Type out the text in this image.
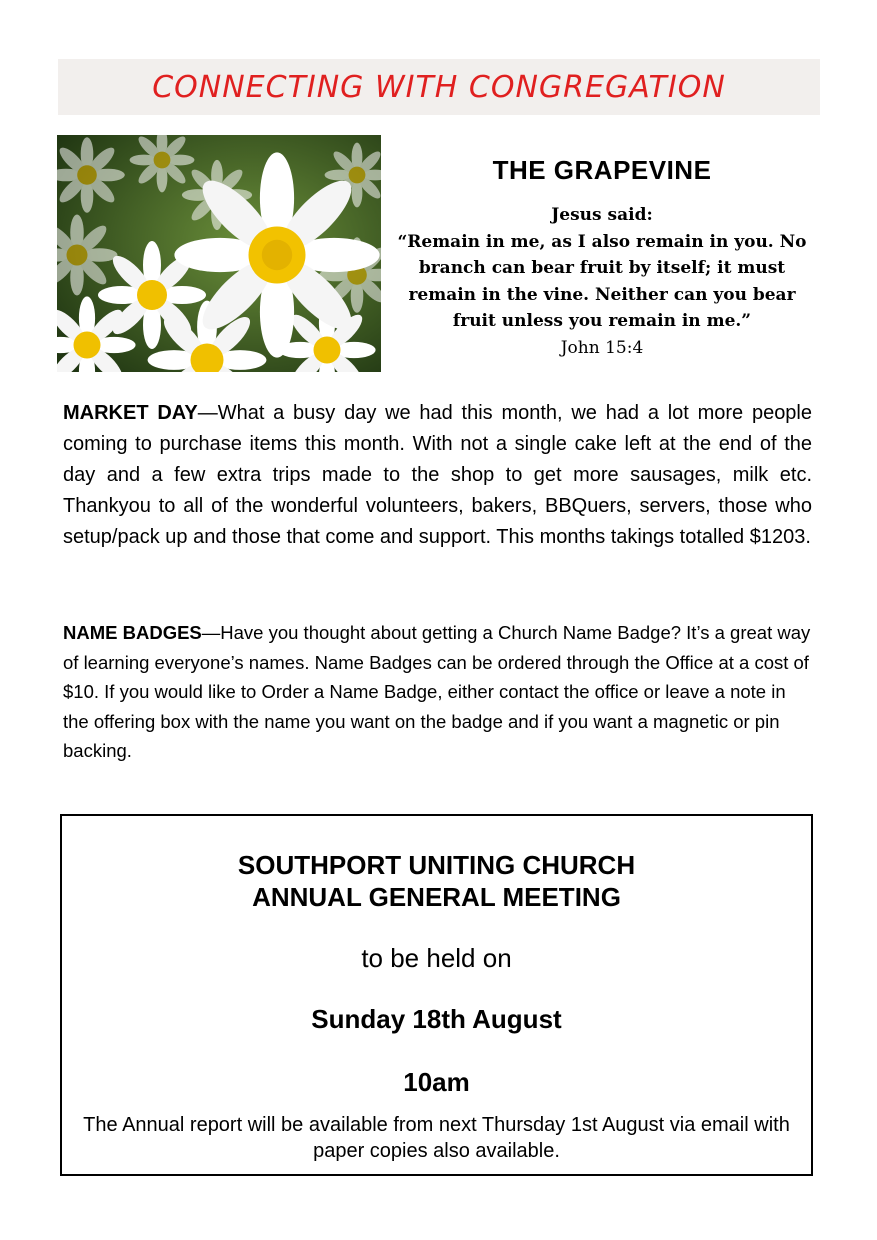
CONNECTING WITH CONGREGATION
THE GRAPEVINE
Jesus said:
“Remain in me, as I also remain in you. No branch can bear fruit by itself; it must remain in the vine. Neither can you bear fruit unless you remain in me.”
John 15:4
MARKET DAY—What a busy day we had this month, we had a lot more people coming to purchase items this month. With not a single cake left at the end of the day and a few extra trips made to the shop to get more sausages, milk etc. Thankyou to all of the wonderful volunteers, bakers, BBQuers, servers, those who setup/pack up and those that come and support. This months takings totalled $1203.
NAME BADGES—Have you thought about getting a Church Name Badge? It’s a great way of learning everyone’s names. Name Badges can be ordered through the Office at a cost of $10. If you would like to Order a Name Badge, either contact the office or leave a note in the offering box with the name you want on the badge and if you want a magnetic or pin backing.
SOUTHPORT UNITING CHURCH
ANNUAL GENERAL MEETING
to be held on
Sunday 18th August
10am
The Annual report will be available from next Thursday 1st August via email with paper copies also available.
